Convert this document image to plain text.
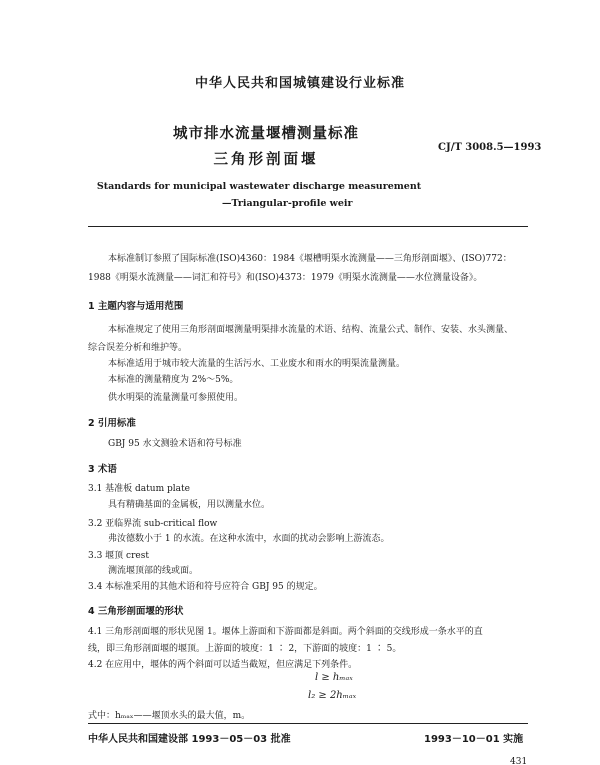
中华人民共和国城镇建设行业标准
城市排水流量堰槽测量标准
三角形剖面堰
CJ/T 3008.5—1993
Standards for municipal wastewater discharge measurement
—Triangular-profile weir
本标准制订参照了国际标准(ISO)4360：1984《堰槽明渠水流测量——三角形剖面堰》、(ISO)772：
1988《明渠水流测量——词汇和符号》和(ISO)4373：1979《明渠水流测量——水位测量设备》。
1 主题内容与适用范围
本标准规定了使用三角形剖面堰测量明渠排水流量的术语、结构、流量公式、制作、安装、水头测量、
综合误差分析和维护等。
本标准适用于城市较大流量的生活污水、工业废水和雨水的明渠流量测量。
本标准的测量精度为 2%～5%。
供水明渠的流量测量可参照使用。
2 引用标准
GBJ 95 水文测验术语和符号标准
3 术语
3.1 基准板 datum plate
具有精确基面的金属板，用以测量水位。
3.2 亚临界流 sub-critical flow
弗汝德数小于 1 的水流。在这种水流中，水面的扰动会影响上游流态。
3.3 堰顶 crest
测流堰顶部的线或面。
3.4 本标准采用的其他术语和符号应符合 GBJ 95 的规定。
4 三角形剖面堰的形状
4.1 三角形剖面堰的形状见图 1。堰体上游面和下游面都是斜面。两个斜面的交线形成一条水平的直
线，即三角形剖面堰的堰顶。上游面的坡度：1 ∶ 2，下游面的坡度：1 ∶ 5。
4.2 在应用中，堰体的两个斜面可以适当截短，但应满足下列条件。
l ≥ hₘₐₓ
l₂ ≥ 2hₘₐₓ
式中：hₘₐₓ——堰顶水头的最大值，m。
中华人民共和国建设部 1993－05－03 批准	1993－10－01 实施
431
